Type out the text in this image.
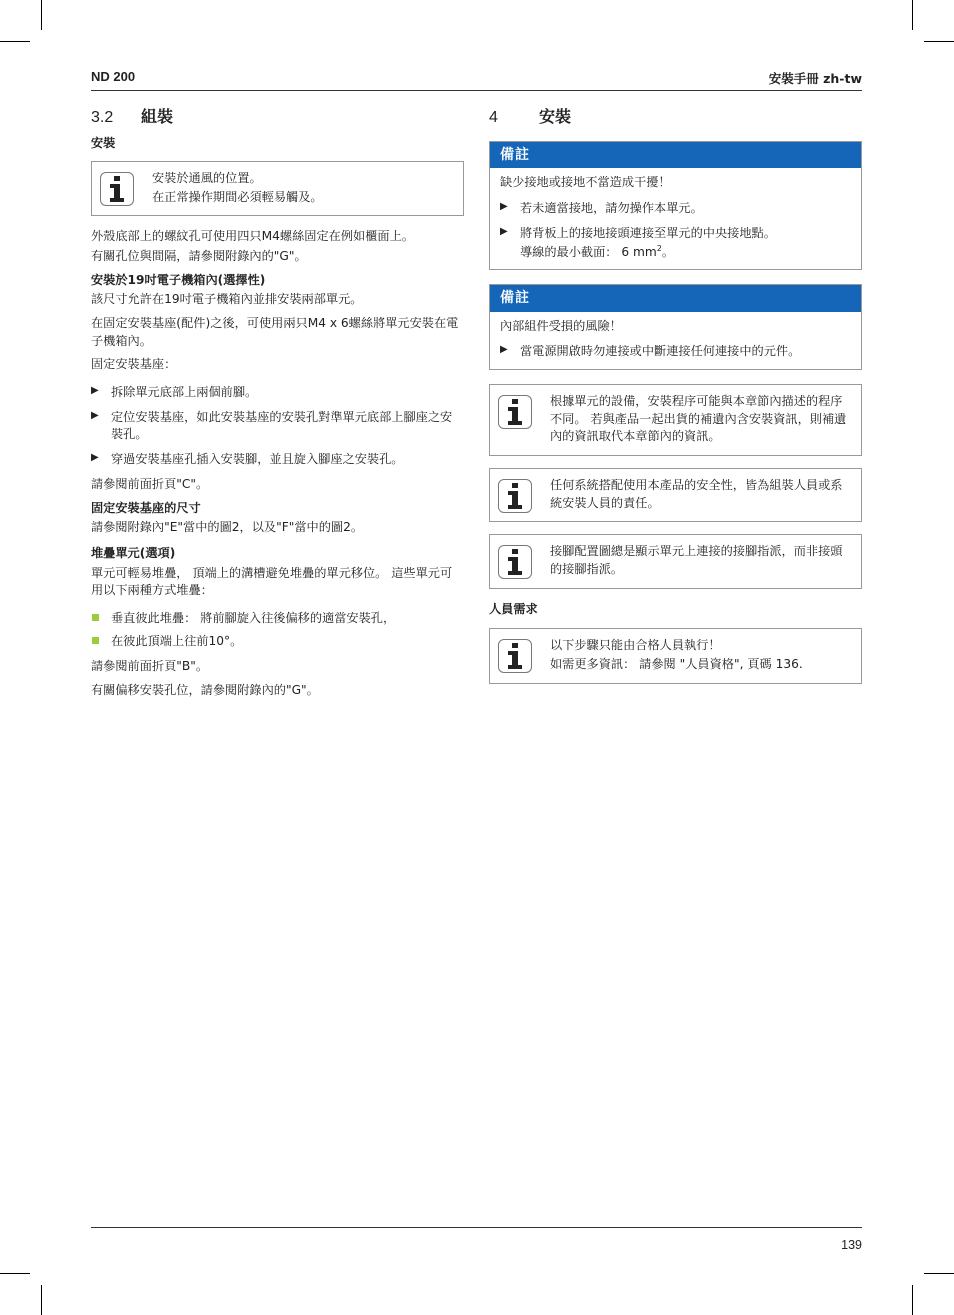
ND 200	安裝手冊 zh-tw
3.2	組裝
安裝

安裝於通風的位置。

在正常操作期間必須輕易觸及。

外殼底部上的螺紋孔可使用四只M4螺絲固定在例如櫃面上。

有關孔位與間隔，請參閱附錄內的"G"。

安裝於19吋電子機箱內(選擇性)

該尺寸允許在19吋電子機箱內並排安裝兩部單元。

在固定安裝基座(配件)之後，可使用兩只M4 x 6螺絲將單元安裝在電子機箱內。

固定安裝基座：

▶ 拆除單元底部上兩個前腳。
▶ 定位安裝基座，如此安裝基座的安裝孔對準單元底部上腳座之安裝孔。
▶ 穿過安裝基座孔插入安裝腳，並且旋入腳座之安裝孔。

請參閱前面折頁"C"。

固定安裝基座的尺寸

請參閱附錄內"E"當中的圖2，以及"F"當中的圖2。

堆疊單元(選項)

單元可輕易堆疊， 頂端上的溝槽避免堆疊的單元移位。 這些單元可用以下兩種方式堆疊：

垂直彼此堆疊： 將前腳旋入往後偏移的適當安裝孔，
在彼此頂端上往前10°。

請參閱前面折頁"B"。

有關偏移安裝孔位，請參閱附錄內的"G"。

4	安裝
備註

缺少接地或接地不當造成干擾！

▶ 若未適當接地，請勿操作本單元。
▶ 將背板上的接地接頭連接至單元的中央接地點。
導線的最小截面： 6 $mm^2$。
備註

內部組件受損的風險！

▶ 當電源開啟時勿連接或中斷連接任何連接中的元件。

根據單元的設備，安裝程序可能與本章節內描述的程序不同。 若與產品一起出貨的補遺內含安裝資訊，則補遺內的資訊取代本章節內的資訊。

任何系統搭配使用本產品的安全性，皆為組裝人員或系統安裝人員的責任。

接腳配置圖總是顯示單元上連接的接腳指派，而非接頭的接腳指派。

人員需求

以下步驟只能由合格人員執行！

如需更多資訊： 請參閱 "人員資格", 頁碼 136.

139
